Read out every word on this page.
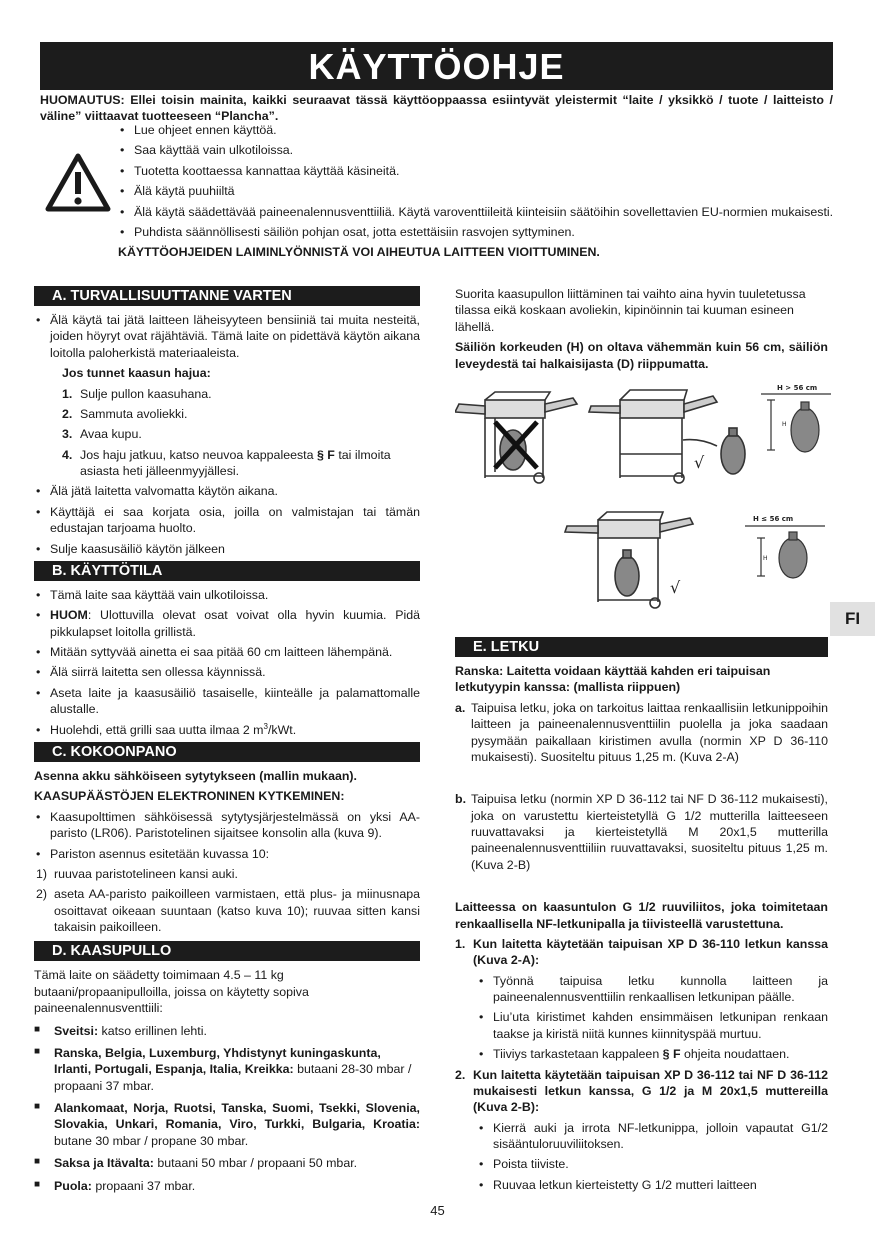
KÄYTTÖOHJE
HUOMAUTUS: Ellei toisin mainita, kaikki seuraavat tässä käyttöoppaassa esiintyvät yleistermit “laite / yksikkö / tuote / laitteisto / väline” viittaavat tuotteeseen “Plancha”.
• Lue ohjeet ennen käyttöä.
• Saa käyttää vain ulkotiloissa.
• Tuotetta koottaessa kannattaa käyttää käsineitä.
• Älä käytä puuhiiltä
• Älä käytä säädettävää paineenalennusventtiiliä. Käytä varoventtiileitä kiinteisiin säätöihin sovellettavien EU-normien mukaisesti.
• Puhdista säännöllisesti säiliön pohjan osat, jotta estettäisiin rasvojen syttyminen.
KÄYTTÖOHJEIDEN LAIMINLYÖNNISTÄ VOI AIHEUTUA LAITTEEN VIOITTUMINEN.
A. TURVALLISUUTTANNE VARTEN
• Älä käytä tai jätä laitteen läheisyyteen bensiiniä tai muita nesteitä, joiden höyryt ovat räjähtäviä. Tämä laite on pidettävä käytön aikana loitolla paloherkistä materiaaleista.

Jos tunnet kaasun hajua:

1. Sulje pullon kaasuhana.
2. Sammuta avoliekki.
3. Avaa kupu.
4. Jos haju jatkuu, katso neuvoa kappaleesta § F tai ilmoita asiasta heti jälleenmyyjällesi.
• Älä jätä laitetta valvomatta käytön aikana.
• Käyttäjä ei saa korjata osia, joilla on valmistajan tai tämän edustajan tarjoama huolto.
• Sulje kaasusäiliö käytön jälkeen
B. KÄYTTÖTILA
• Tämä laite saa käyttää vain ulkotiloissa.
• HUOM: Ulottuvilla olevat osat voivat olla hyvin kuumia. Pidä pikkulapset loitolla grillistä.
• Mitään syttyvää ainetta ei saa pitää 60 cm laitteen lähempänä.
• Älä siirrä laitetta sen ollessa käynnissä.
• Aseta laite ja kaasusäiliö tasaiselle, kiinteälle ja palamattomalle alustalle.
• Huolehdi, että grilli saa uutta ilmaa 2 $m^3$/kWt.
C. KOKOONPANO

Asenna akku sähköiseen sytytykseen (mallin mukaan).

KAASUPÄÄSTÖJEN ELEKTRONINEN KYTKEMINEN:

• Kaasupolttimen sähköisessä sytytysjärjestelmässä on yksi AA-paristo (LR06). Paristotelinen sijaitsee konsolin alla (kuva 9).
• Pariston asennus esitetään kuvassa 10:
1) ruuvaa paristotelineen kansi auki.
2) aseta AA-paristo paikoilleen varmistaen, että plus- ja miinusnapa osoittavat oikeaan suuntaan (katso kuva 10); ruuvaa sitten kansi takaisin paikoilleen.
D. KAASUPULLO

Tämä laite on säädetty toimimaan 4.5 – 11 kg butaani/propaanipulloilla, joissa on käytetty sopiva paineenalennusventtiili:

■ Sveitsi: katso erillinen lehti.
■ Ranska, Belgia, Luxemburg, Yhdistynyt kuningaskunta, Irlanti, Portugali, Espanja, Italia, Kreikka: butaani 28-30 mbar / propaani 37 mbar.
■ Alankomaat, Norja, Ruotsi, Tanska, Suomi, Tsekki, Slovenia, Slovakia, Unkari, Romania, Viro, Turkki, Bulgaria, Kroatia: butane 30 mbar / propane 30 mbar.
■ Saksa ja Itävalta: butaani 50 mbar / propaani 50 mbar.
■ Puola: propaani 37 mbar.

Suorita kaasupullon liittäminen tai vaihto aina hyvin tuuletetussa tilassa eikä koskaan avoliekin, kipinöinnin tai kuuman esineen lähellä.

Säiliön korkeuden (H) on oltava vähemmän kuin 56 cm, säiliön leveydestä tai halkaisijasta (D) riippumatta.

√
H > 56 cm
H
√
H ≤ 56 cm
H
FI
E. LETKU

Ranska: Laitetta voidaan käyttää kahden eri taipuisan letkutyypin kanssa: (mallista riippuen)

a. Taipuisa letku, joka on tarkoitus laittaa renkaallisiin letkunippoihin laitteen ja paineenalennusventtiilin puolella ja joka saadaan pysymään paikallaan kiristimen avulla (normin XP D 36-110 mukaisesti). Suositeltu pituus 1,25 m. (Kuva 2-A)
b. Taipuisa letku (normin XP D 36-112 tai NF D 36-112 mukaisesti), joka on varustettu kierteistetyllä G 1/2 mutterilla laitteeseen ruuvattavaksi ja kierteistetyllä M 20x1,5 mutterilla paineenalennusventtiiliin ruuvattavaksi, suositeltu pituus 1,25 m. (Kuva 2-B)

Laitteessa on kaasuntulon G 1/2 ruuviliitos, joka toimitetaan renkaallisella NF-letkunipalla ja tiivisteellä varustettuna.

1. Kun laitetta käytetään taipuisan XP D 36-110 letkun kanssa (Kuva 2-A):
• Työnnä taipuisa letku kunnolla laitteen ja paineenalennusventtiilin renkaallisen letkunipan päälle.
• Liu’uta kiristimet kahden ensimmäisen letkunipan renkaan taakse ja kiristä niitä kunnes kiinnityspää murtuu.
• Tiiviys tarkastetaan kappaleen § F ohjeita noudattaen.
2. Kun laitetta käytetään taipuisan XP D 36-112 tai NF D 36-112 mukaisesti letkun kanssa, G 1/2 ja M 20x1,5 muttereilla (Kuva 2-B):
• Kierrä auki ja irrota NF-letkunippa, jolloin vapautat G1/2 sisääntuloruuviliitoksen.
• Poista tiiviste.
• Ruuvaa letkun kierteistetty G 1/2 mutteri laitteen
45
